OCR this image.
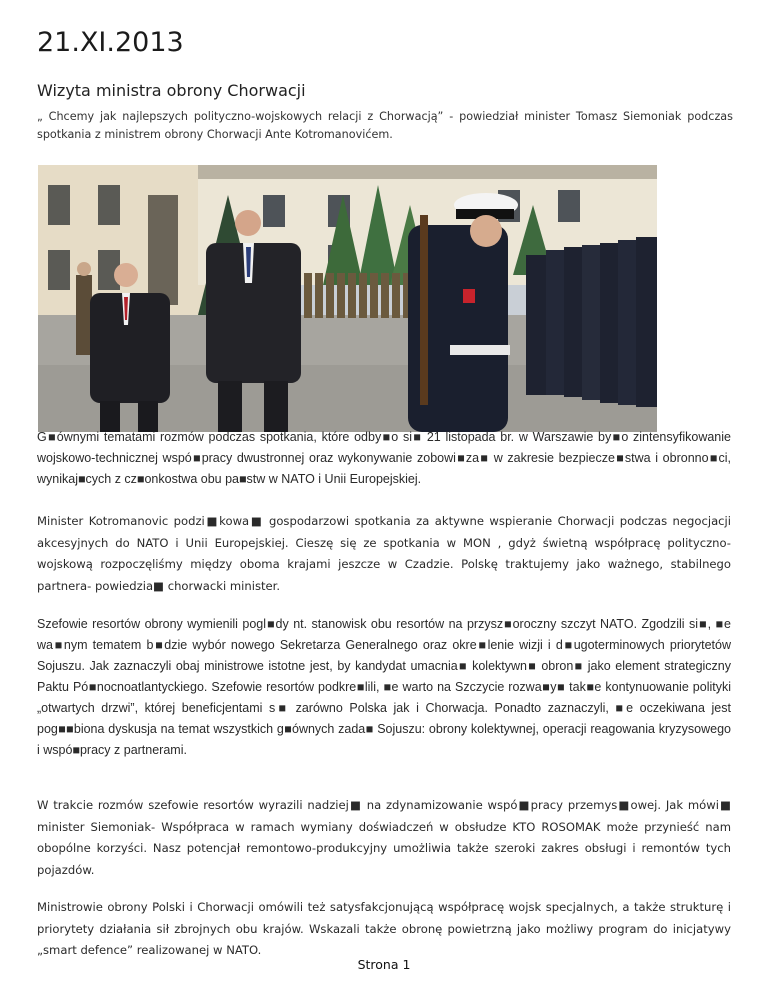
21.XI.2013
Wizyta ministra obrony Chorwacji

„ Chcemy jak najlepszych polityczno-wojskowych relacji z Chorwacją” - powiedział minister Tomasz Siemoniak podczas spotkania z ministrem obrony Chorwacji Ante Kotromanovićem.

G■ównymi tematami rozmów podczas spotkania, które odby■o si■ 21 listopada br. w Warszawie by■o zintensyfikowanie wojskowo-technicznej wspó■pracy dwustronnej oraz wykonywanie zobowi■za■ w zakresie bezpiecze■stwa i obronno■ci, wynikaj■cych z cz■onkostwa obu pa■stw w NATO i Unii Europejskiej.

Minister Kotromanovic podzi■kowa■ gospodarzowi spotkania za aktywne wspieranie Chorwacji podczas negocjacji akcesyjnych do NATO i Unii Europejskiej. Cieszę się ze spotkania w MON , gdyż świetną współpracę polityczno-wojskową rozpoczęliśmy między oboma krajami jeszcze w Czadzie. Polskę traktujemy jako ważnego, stabilnego partnera- powiedzia■ chorwacki minister.

Szefowie resortów obrony wymienili pogl■dy nt. stanowisk obu resortów na przysz■oroczny szczyt NATO. Zgodzili si■, ■e wa■nym tematem b■dzie wybór nowego Sekretarza Generalnego oraz okre■lenie wizji i d■ugoterminowych priorytetów Sojuszu. Jak zaznaczyli obaj ministrowe istotne jest, by kandydat umacnia■ kolektywn■ obron■ jako element strategiczny Paktu Pó■nocnoatlantyckiego. Szefowie resortów podkre■lili, ■e warto na Szczycie rozwa■y■ tak■e kontynuowanie polityki „otwartych drzwi”, której beneficjentami s■ zarówno Polska jak i Chorwacja. Ponadto zaznaczyli, ■e oczekiwana jest pog■■biona dyskusja na temat wszystkich g■ównych zada■ Sojuszu: obrony kolektywnej, operacji reagowania kryzysowego i wspó■pracy z partnerami.

W trakcie rozmów szefowie resortów wyrazili nadziej■ na zdynamizowanie wspó■pracy przemys■owej. Jak mówi■ minister Siemoniak- Współpraca w ramach wymiany doświadczeń w obsłudze KTO ROSOMAK może przynieść nam obopólne korzyści. Nasz potencjał remontowo-produkcyjny umożliwia także szeroki zakres obsługi i remontów tych pojazdów.

Ministrowie obrony Polski i Chorwacji omówili też satysfakcjonującą współpracę wojsk specjalnych, a także strukturę i priorytety działania sił zbrojnych obu krajów. Wskazali także obronę powietrzną jako możliwy program do inicjatywy „smart defence” realizowanej w NATO.

Strona 1
